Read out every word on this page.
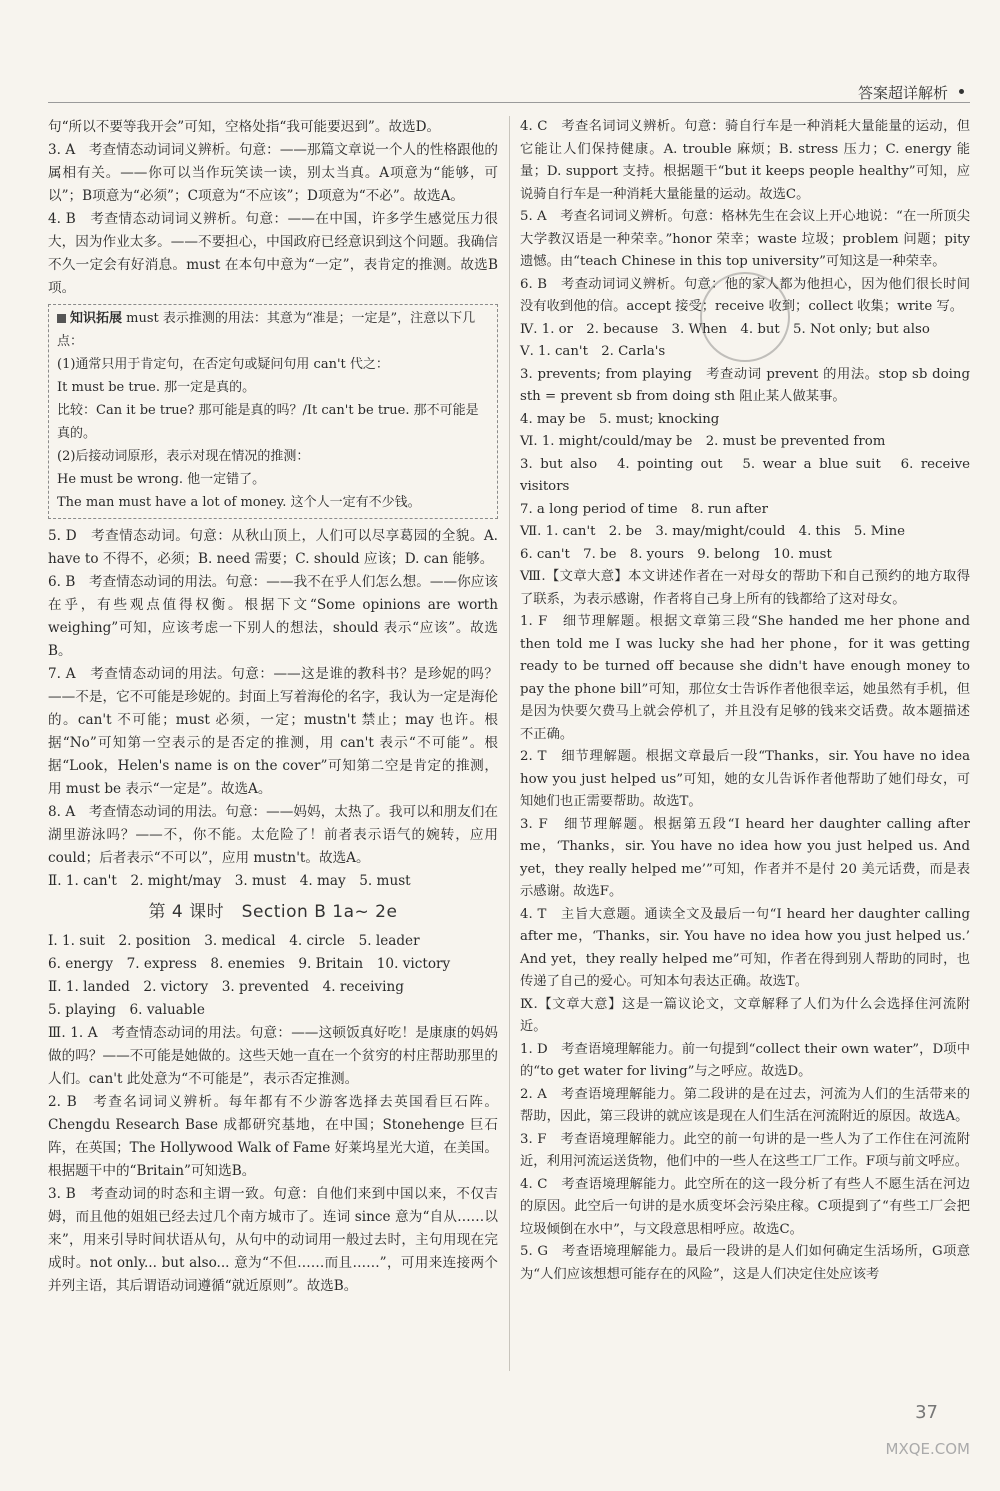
答案超详解析

句“所以不要等我开会”可知，空格处指“我可能要迟到”。故选D。

3. A　考查情态动词词义辨析。句意：——那篇文章说一个人的性格跟他的属相有关。——你可以当作玩笑读一读，别太当真。A项意为“能够，可以”；B项意为“必须”；C项意为“不应该”；D项意为“不必”。故选A。

4. B　考查情态动词词义辨析。句意：——在中国，许多学生感觉压力很大，因为作业太多。——不要担心，中国政府已经意识到这个问题。我确信不久一定会有好消息。must 在本句中意为“一定”，表肯定的推测。故选B项。

知识拓展 must 表示推测的用法：其意为“准是；一定是”，注意以下几点：
(1)通常只用于肯定句，在否定句或疑问句用 can't 代之：
It must be true. 那一定是真的。
比较：Can it be true? 那可能是真的吗？/It can't be true. 那不可能是真的。
(2)后接动词原形，表示对现在情况的推测：
He must be wrong. 他一定错了。
The man must have a lot of money. 这个人一定有不少钱。

5. D　考查情态动词。句意：从秋山顶上，人们可以尽享葛园的全貌。A. have to 不得不，必须；B. need 需要；C. should 应该；D. can 能够。

6. B　考查情态动词的用法。句意：——我不在乎人们怎么想。——你应该在乎，有些观点值得权衡。根据下文“Some opinions are worth weighing”可知，应该考虑一下别人的想法，should 表示“应该”。故选B。

7. A　考查情态动词的用法。句意：——这是谁的教科书？是珍妮的吗？——不是，它不可能是珍妮的。封面上写着海伦的名字，我认为一定是海伦的。can't 不可能；must 必须，一定；mustn't 禁止；may 也许。根据“No”可知第一空表示的是否定的推测，用 can't 表示“不可能”。根据“Look，Helen's name is on the cover”可知第二空是肯定的推测，用 must be 表示“一定是”。故选A。

8. A　考查情态动词的用法。句意：——妈妈，太热了。我可以和朋友们在湖里游泳吗？——不，你不能。太危险了！前者表示语气的婉转，应用 could；后者表示“不可以”，应用 mustn't。故选A。

Ⅱ. 1. can't　2. might/may　3. must　4. may　5. must

第 4 课时　Section B 1a~ 2e

Ⅰ. 1. suit　2. position　3. medical　4. circle　5. leader

6. energy　7. express　8. enemies　9. Britain　10. victory

Ⅱ. 1. landed　2. victory　3. prevented　4. receiving

5. playing　6. valuable

Ⅲ. 1. A　考查情态动词的用法。句意：——这顿饭真好吃！是康康的妈妈做的吗？——不可能是她做的。这些天她一直在一个贫穷的村庄帮助那里的人们。can't 此处意为“不可能是”，表示否定推测。

2. B　考查名词词义辨析。每年都有不少游客选择去英国看巨石阵。Chengdu Research Base 成都研究基地，在中国；Stonehenge 巨石阵，在英国；The Hollywood Walk of Fame 好莱坞星光大道，在美国。根据题干中的“Britain”可知选B。

3. B　考查动词的时态和主谓一致。句意：自他们来到中国以来，不仅吉姆，而且他的姐姐已经去过几个南方城市了。连词 since 意为“自从……以来”，用来引导时间状语从句，从句中的动词用一般过去时，主句用现在完成时。not only... but also... 意为“不但……而且……”，可用来连接两个并列主语，其后谓语动词遵循“就近原则”。故选B。

4. C　考查名词词义辨析。句意：骑自行车是一种消耗大量能量的运动，但它能让人们保持健康。A. trouble 麻烦；B. stress 压力；C. energy 能量；D. support 支持。根据题干“but it keeps people healthy”可知，应说骑自行车是一种消耗大量能量的运动。故选C。

5. A　考查名词词义辨析。句意：格林先生在会议上开心地说：“在一所顶尖大学教汉语是一种荣幸。”honor 荣幸；waste 垃圾；problem 问题；pity 遗憾。由“teach Chinese in this top university”可知这是一种荣幸。

6. B　考查动词词义辨析。句意：他的家人都为他担心，因为他们很长时间没有收到他的信。accept 接受；receive 收到；collect 收集；write 写。

Ⅳ. 1. or　2. because　3. When　4. but　5. Not only; but also

Ⅴ. 1. can't　2. Carla's

3. prevents; from playing　考查动词 prevent 的用法。stop sb doing sth = prevent sb from doing sth 阻止某人做某事。

4. may be　5. must; knocking

Ⅵ. 1. might/could/may be　2. must be prevented from

3. but also　4. pointing out　5. wear a blue suit　6. receive visitors

7. a long period of time　8. run after

Ⅶ. 1. can't　2. be　3. may/might/could　4. this　5. Mine

6. can't　7. be　8. yours　9. belong　10. must

Ⅷ.【文章大意】本文讲述作者在一对母女的帮助下和自己预约的地方取得了联系，为表示感谢，作者将自己身上所有的钱都给了这对母女。

1. F　细节理解题。根据文章第三段“She handed me her phone and then told me I was lucky she had her phone，for it was getting ready to be turned off because she didn't have enough money to pay the phone bill”可知，那位女士告诉作者他很幸运，她虽然有手机，但是因为快要欠费马上就会停机了，并且没有足够的钱来交话费。故本题描述不正确。

2. T　细节理解题。根据文章最后一段“Thanks，sir. You have no idea how you just helped us”可知，她的女儿告诉作者他帮助了她们母女，可知她们也正需要帮助。故选T。

3. F　细节理解题。根据第五段“I heard her daughter calling after me，‘Thanks，sir. You have no idea how you just helped us. And yet，they really helped me’”可知，作者并不是付 20 美元话费，而是表示感谢。故选F。

4. T　主旨大意题。通读全文及最后一句“I heard her daughter calling after me，‘Thanks，sir. You have no idea how you just helped us.’ And yet，they really helped me”可知，作者在得到别人帮助的同时，也传递了自己的爱心。可知本句表达正确。故选T。

Ⅸ.【文章大意】这是一篇议论文，文章解释了人们为什么会选择住河流附近。

1. D　考查语境理解能力。前一句提到“collect their own water”，D项中的“to get water for living”与之呼应。故选D。

2. A　考查语境理解能力。第二段讲的是在过去，河流为人们的生活带来的帮助，因此，第三段讲的就应该是现在人们生活在河流附近的原因。故选A。

3. F　考查语境理解能力。此空的前一句讲的是一些人为了工作住在河流附近，利用河流运送货物，他们中的一些人在这些工厂工作。F项与前文呼应。

4. C　考查语境理解能力。此空所在的这一段分析了有些人不愿生活在河边的原因。此空后一句讲的是水质变坏会污染庄稼。C项提到了“有些工厂会把垃圾倾倒在水中”，与文段意思相呼应。故选C。

5. G　考查语境理解能力。最后一段讲的是人们如何确定生活场所，G项意为“人们应该想想可能存在的风险”，这是人们决定住处应该考

37
MXQE.COM
